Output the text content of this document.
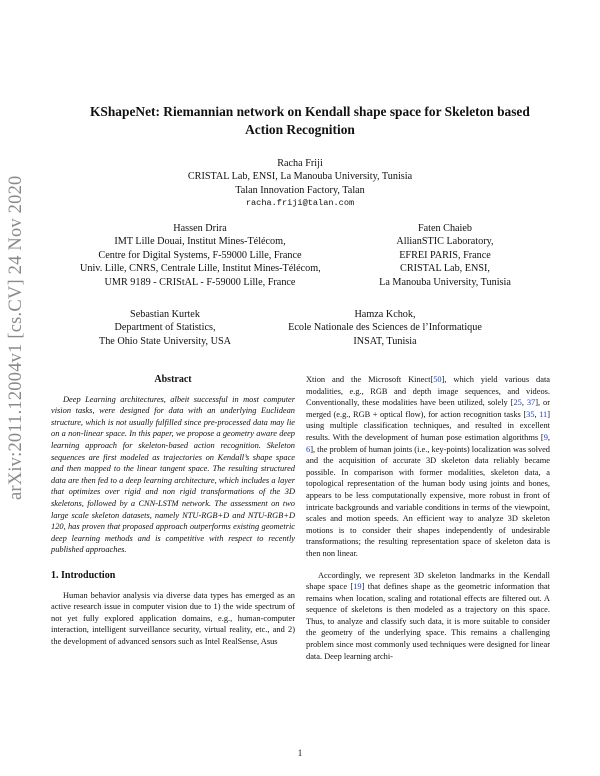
arXiv:2011.12004v1 [cs.CV] 24 Nov 2020
KShapeNet: Riemannian network on Kendall shape space for Skeleton based
Action Recognition
Racha Friji
CRISTAL Lab, ENSI, La Manouba University, Tunisia
Talan Innovation Factory, Talan
racha.friji@talan.com
Hassen Drira
IMT Lille Douai, Institut Mines-Télécom,
Centre for Digital Systems, F-59000 Lille, France
Univ. Lille, CNRS, Centrale Lille, Institut Mines-Télécom,
UMR 9189 - CRIStAL - F-59000 Lille, France
Faten Chaieb
AllianSTIC Laboratory,
EFREI PARIS, France
CRISTAL Lab, ENSI,
La Manouba University, Tunisia
Sebastian Kurtek
Department of Statistics,
The Ohio State University, USA
Hamza Kchok,
Ecole Nationale des Sciences de l’Informatique
INSAT, Tunisia
Abstract

Deep Learning architectures, albeit successful in most computer vision tasks, were designed for data with an underlying Euclidean structure, which is not usually fulfilled since pre-processed data may lie on a non-linear space. In this paper, we propose a geometry aware deep learning approach for skeleton-based action recognition. Skeleton sequences are first modeled as trajectories on Kendall’s shape space and then mapped to the linear tangent space. The resulting structured data are then fed to a deep learning architecture, which includes a layer that optimizes over rigid and non rigid transformations of the 3D skeletons, followed by a CNN-LSTM network. The assessment on two large scale skeleton datasets, namely NTU-RGB+D and NTU-RGB+D 120, has proven that proposed approach outperforms existing geometric deep learning methods and is competitive with respect to recently published approaches.

1. Introduction

Human behavior analysis via diverse data types has emerged as an active research issue in computer vision due to 1) the wide spectrum of not yet fully explored application domains, e.g., human-computer interaction, intelligent surveillance security, virtual reality, etc., and 2) the development of advanced sensors such as Intel RealSense, Asus

Xtion and the Microsoft Kinect[50], which yield various data modalities, e.g., RGB and depth image sequences, and videos. Conventionally, these modalities have been utilized, solely [25, 37], or merged (e.g., RGB + optical flow), for action recognition tasks [35, 11] using multiple classification techniques, and resulted in excellent results. With the development of human pose estimation algorithms [9, 6], the problem of human joints (i.e., key-points) localization was solved and the acquisition of accurate 3D skeleton data reliably became possible. In comparison with former modalities, skeleton data, a topological representation of the human body using joints and bones, appears to be less computationally expensive, more robust in front of intricate backgrounds and variable conditions in terms of the viewpoint, scales and motion speeds. An efficient way to analyze 3D skeleton motions is to consider their shapes independently of undesirable transformations; the resulting representation space of skeleton data is then non linear.

Accordingly, we represent 3D skeleton landmarks in the Kendall shape space [19] that defines shape as the geometric information that remains when location, scaling and rotational effects are filtered out. A sequence of skeletons is then modeled as a trajectory on this space. Thus, to analyze and classify such data, it is more suitable to consider the geometry of the underlying space. This remains a challenging problem since most commonly used techniques were designed for linear data. Deep learning archi-

1
